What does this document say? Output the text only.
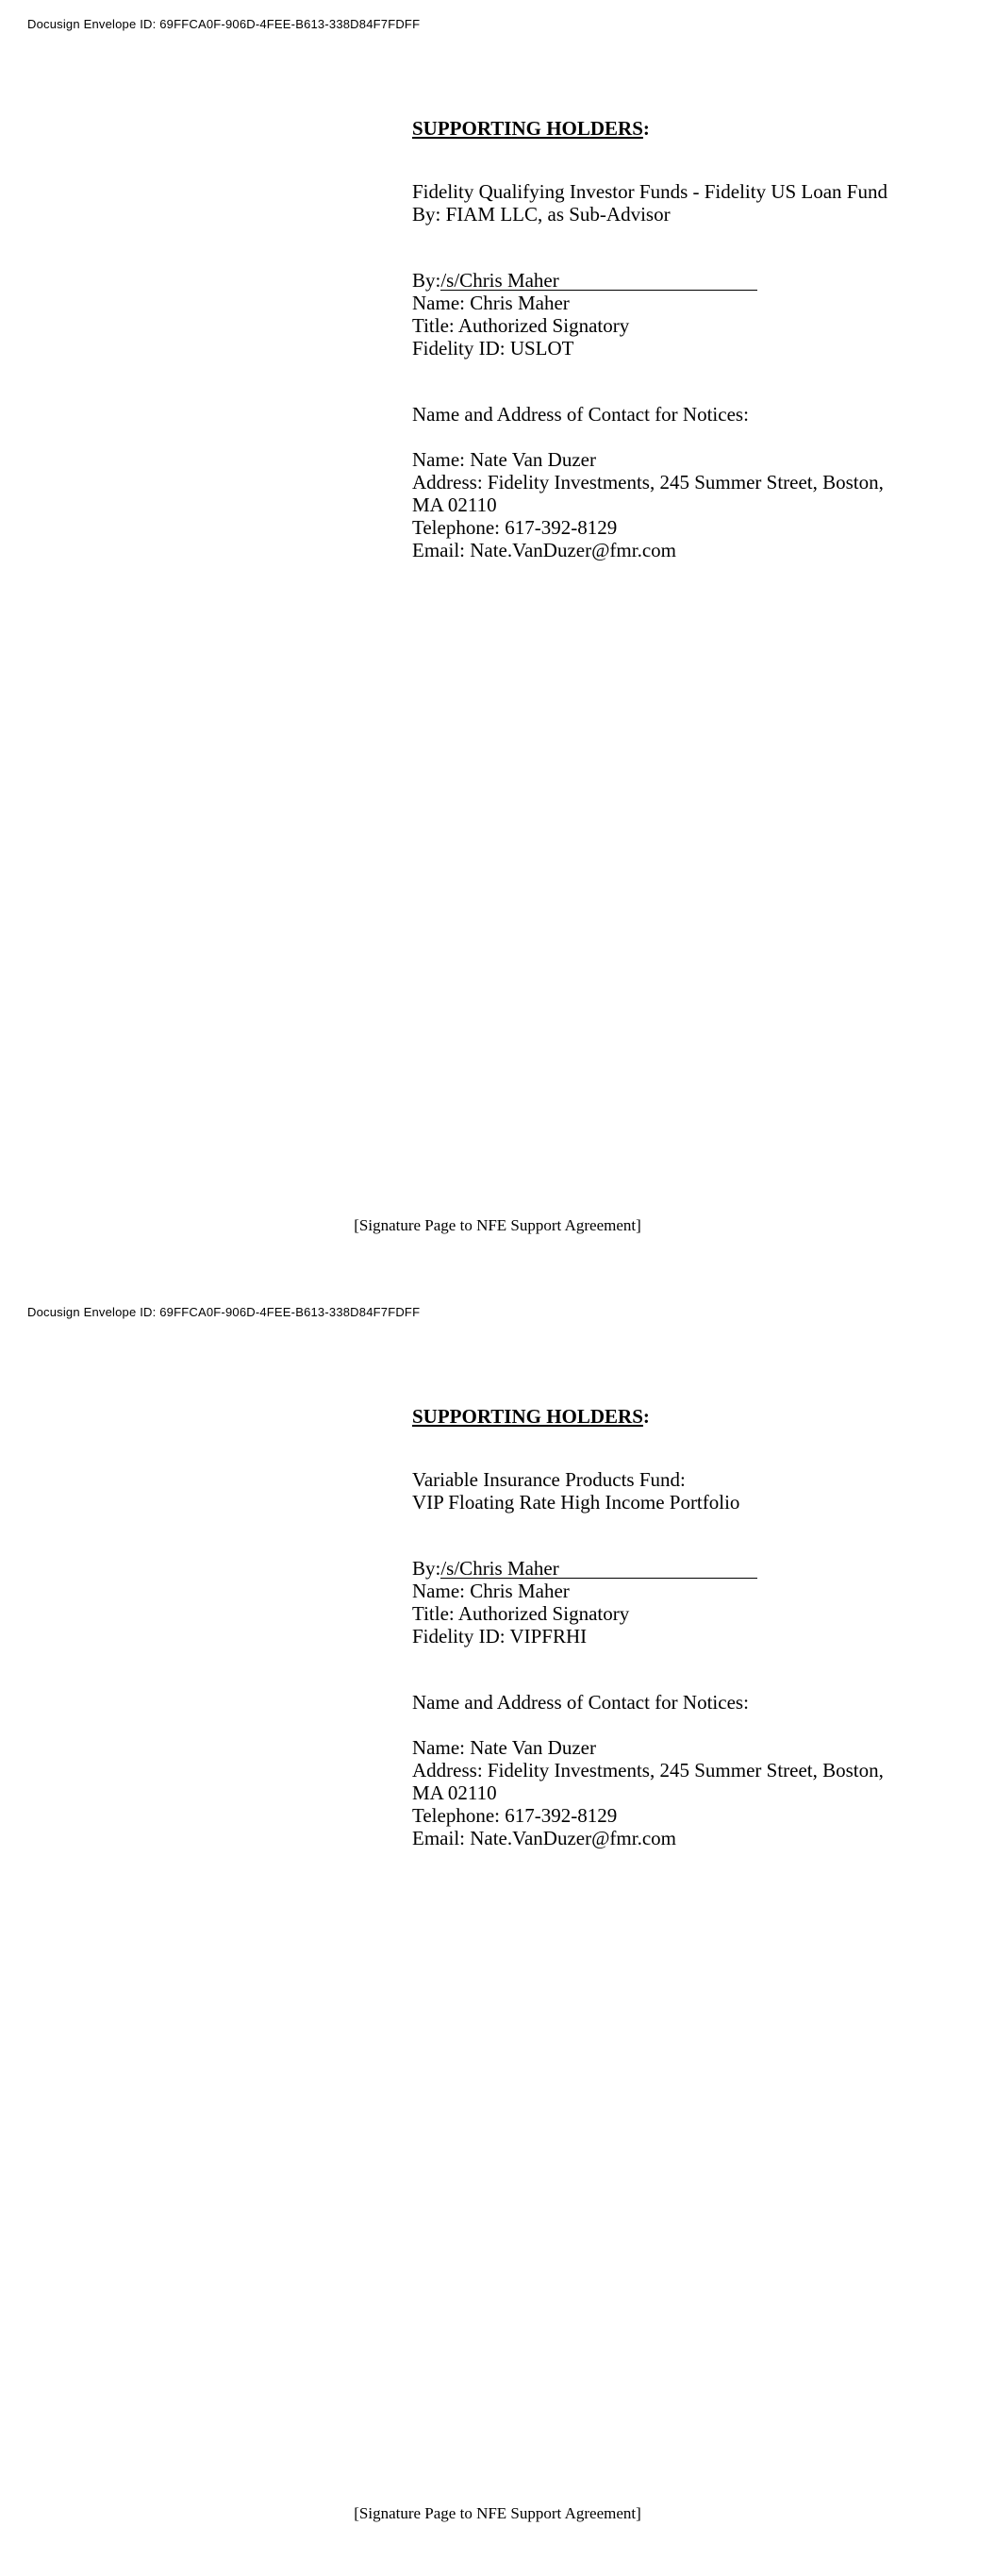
Docusign Envelope ID: 69FFCA0F-906D-4FEE-B613-338D84F7FDFF
SUPPORTING HOLDERS:
Fidelity Qualifying Investor Funds - Fidelity US Loan Fund
By: FIAM LLC, as Sub-Advisor
By:/s/Chris Maher
Name: Chris Maher
Title: Authorized Signatory
Fidelity ID: USLOT
Name and Address of Contact for Notices:
Name: Nate Van Duzer
Address: Fidelity Investments, 245 Summer Street, Boston, MA 02110
Telephone: 617-392-8129
Email: Nate.VanDuzer@fmr.com
[Signature Page to NFE Support Agreement]
Docusign Envelope ID: 69FFCA0F-906D-4FEE-B613-338D84F7FDFF
SUPPORTING HOLDERS:
Variable Insurance Products Fund:
VIP Floating Rate High Income Portfolio
By:/s/Chris Maher
Name: Chris Maher
Title: Authorized Signatory
Fidelity ID: VIPFRHI
Name and Address of Contact for Notices:
Name: Nate Van Duzer
Address: Fidelity Investments, 245 Summer Street, Boston, MA 02110
Telephone: 617-392-8129
Email: Nate.VanDuzer@fmr.com
[Signature Page to NFE Support Agreement]
